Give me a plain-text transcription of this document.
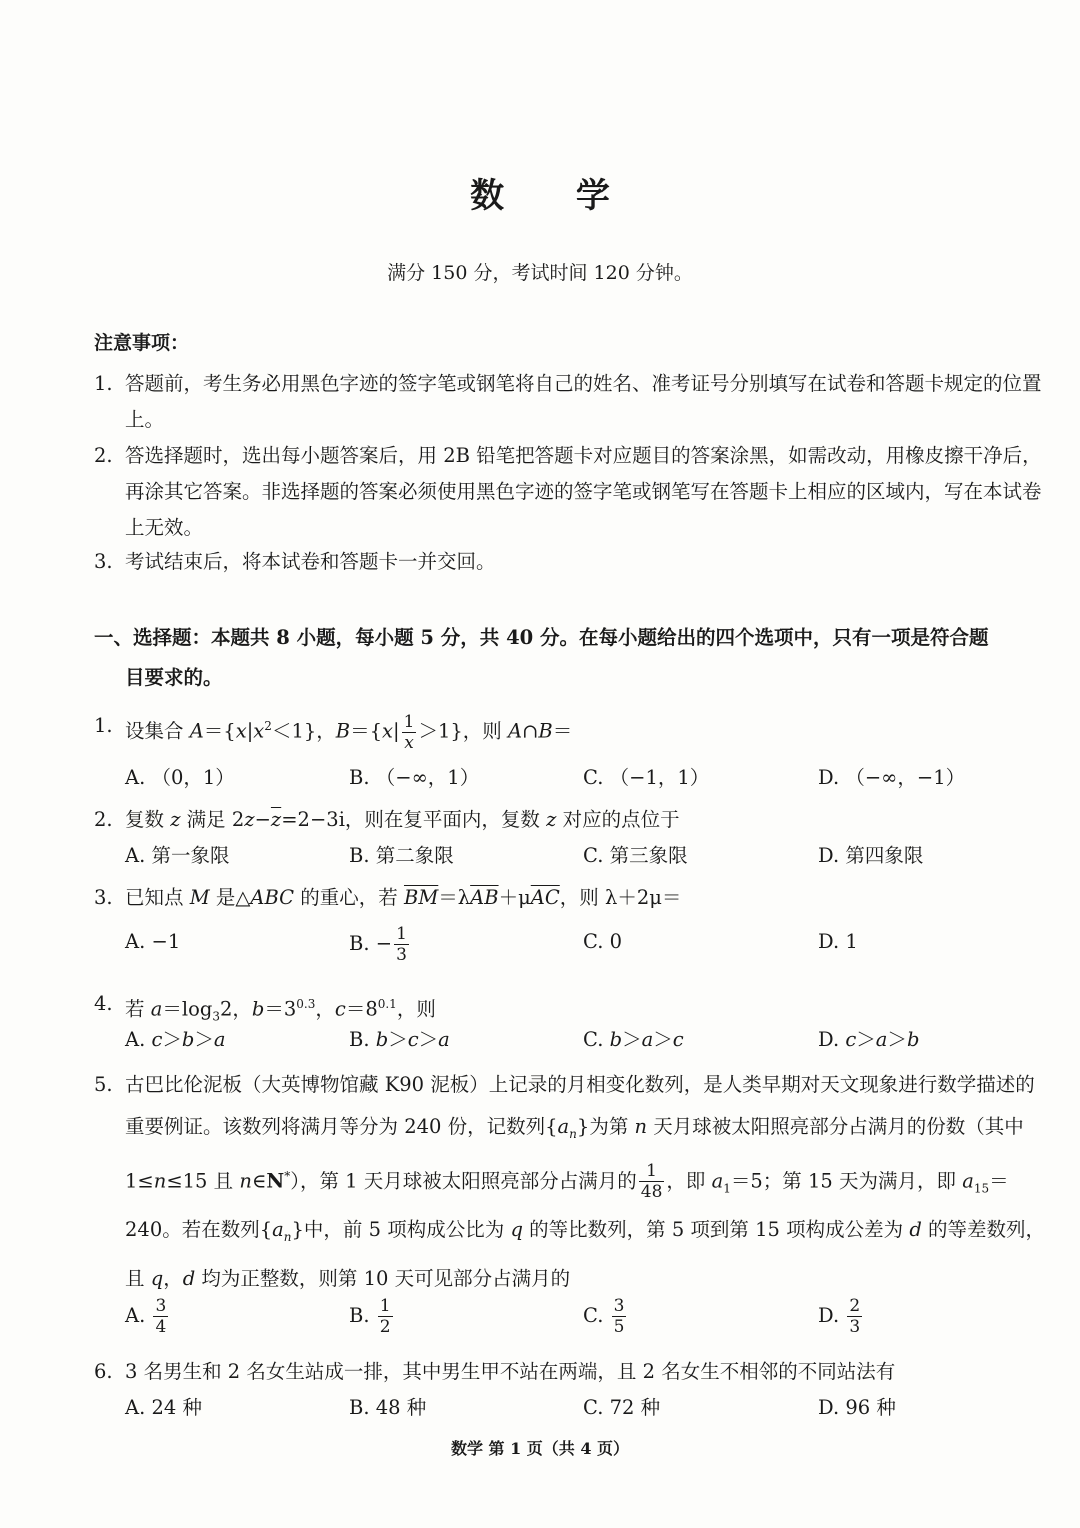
数 学
满分 150 分，考试时间 120 分钟。
注意事项：
1. 答题前，考生务必用黑色字迹的签字笔或钢笔将自己的姓名、准考证号分别填写在试卷和答题卡规定的位置上。
2. 答选择题时，选出每小题答案后，用 2B 铅笔把答题卡对应题目的答案涂黑，如需改动，用橡皮擦干净后，再涂其它答案。非选择题的答案必须使用黑色字迹的签字笔或钢笔写在答题卡上相应的区域内，写在本试卷上无效。
3. 考试结束后，将本试卷和答题卡一并交回。
一、选择题：本题共 8 小题，每小题 5 分，共 40 分。在每小题给出的四个选项中，只有一项是符合题
目要求的。
1. 设集合 $A=\{x|x^2<1\}$，$B=\{x| \frac{1}{x} >1\}$，则 A∩B＝
A. （0，1）	B. （−∞，1）	C. （−1，1）	D. （−∞，−1）
2. 复数 z 满足 $2z-\overline{z}=2-3i$，则在复平面内，复数 z 对应的点位于
A. 第一象限	B. 第二象限	C. 第三象限	D. 第四象限
3. 已知点 M 是△ABC 的重心，若 $\overline{BM}=\lambda\overline{AB}+\mu\overline{AC}$，则 λ＋2μ＝
A. −1	B. − $\frac{1}{3}$	C. 0	D. 1
4. 若 $a=\log_32$，$b=3^{0.3}$，$c=8^{0.1}$，则
A. c＞b＞a	B. b＞c＞a	C. b＞a＞c	D. c＞a＞b
5. 古巴比伦泥板（大英博物馆藏 K90 泥板）上记录的月相变化数列，是人类早期对天文现象进行数学描述的重要例证。该数列将满月等分为 240 份，记数列$\{a_n\}$为第 n 天月球被太阳照亮部分占满月的份数（其中 1≤n≤15 且 n∈N*），第 1 天月球被太阳照亮部分占满月的 $\frac{1}{48}$ ，即 $a_1=5$；第 15 天为满月，即 $a_{15}=240$。若在数列$\{a_n\}$中，前 5 项构成公比为 q 的等比数列，第 5 项到第 15 项构成公差为 d 的等差数列，且 q，d 均为正整数，则第 10 天可见部分占满月的
A. $\frac{3}{4}$	B. $\frac{1}{2}$	C. $\frac{3}{5}$	D. $\frac{2}{3}$
6. 3 名男生和 2 名女生站成一排，其中男生甲不站在两端，且 2 名女生不相邻的不同站法有
A. 24 种	B. 48 种	C. 72 种	D. 96 种
数学 第 1 页（共 4 页）
